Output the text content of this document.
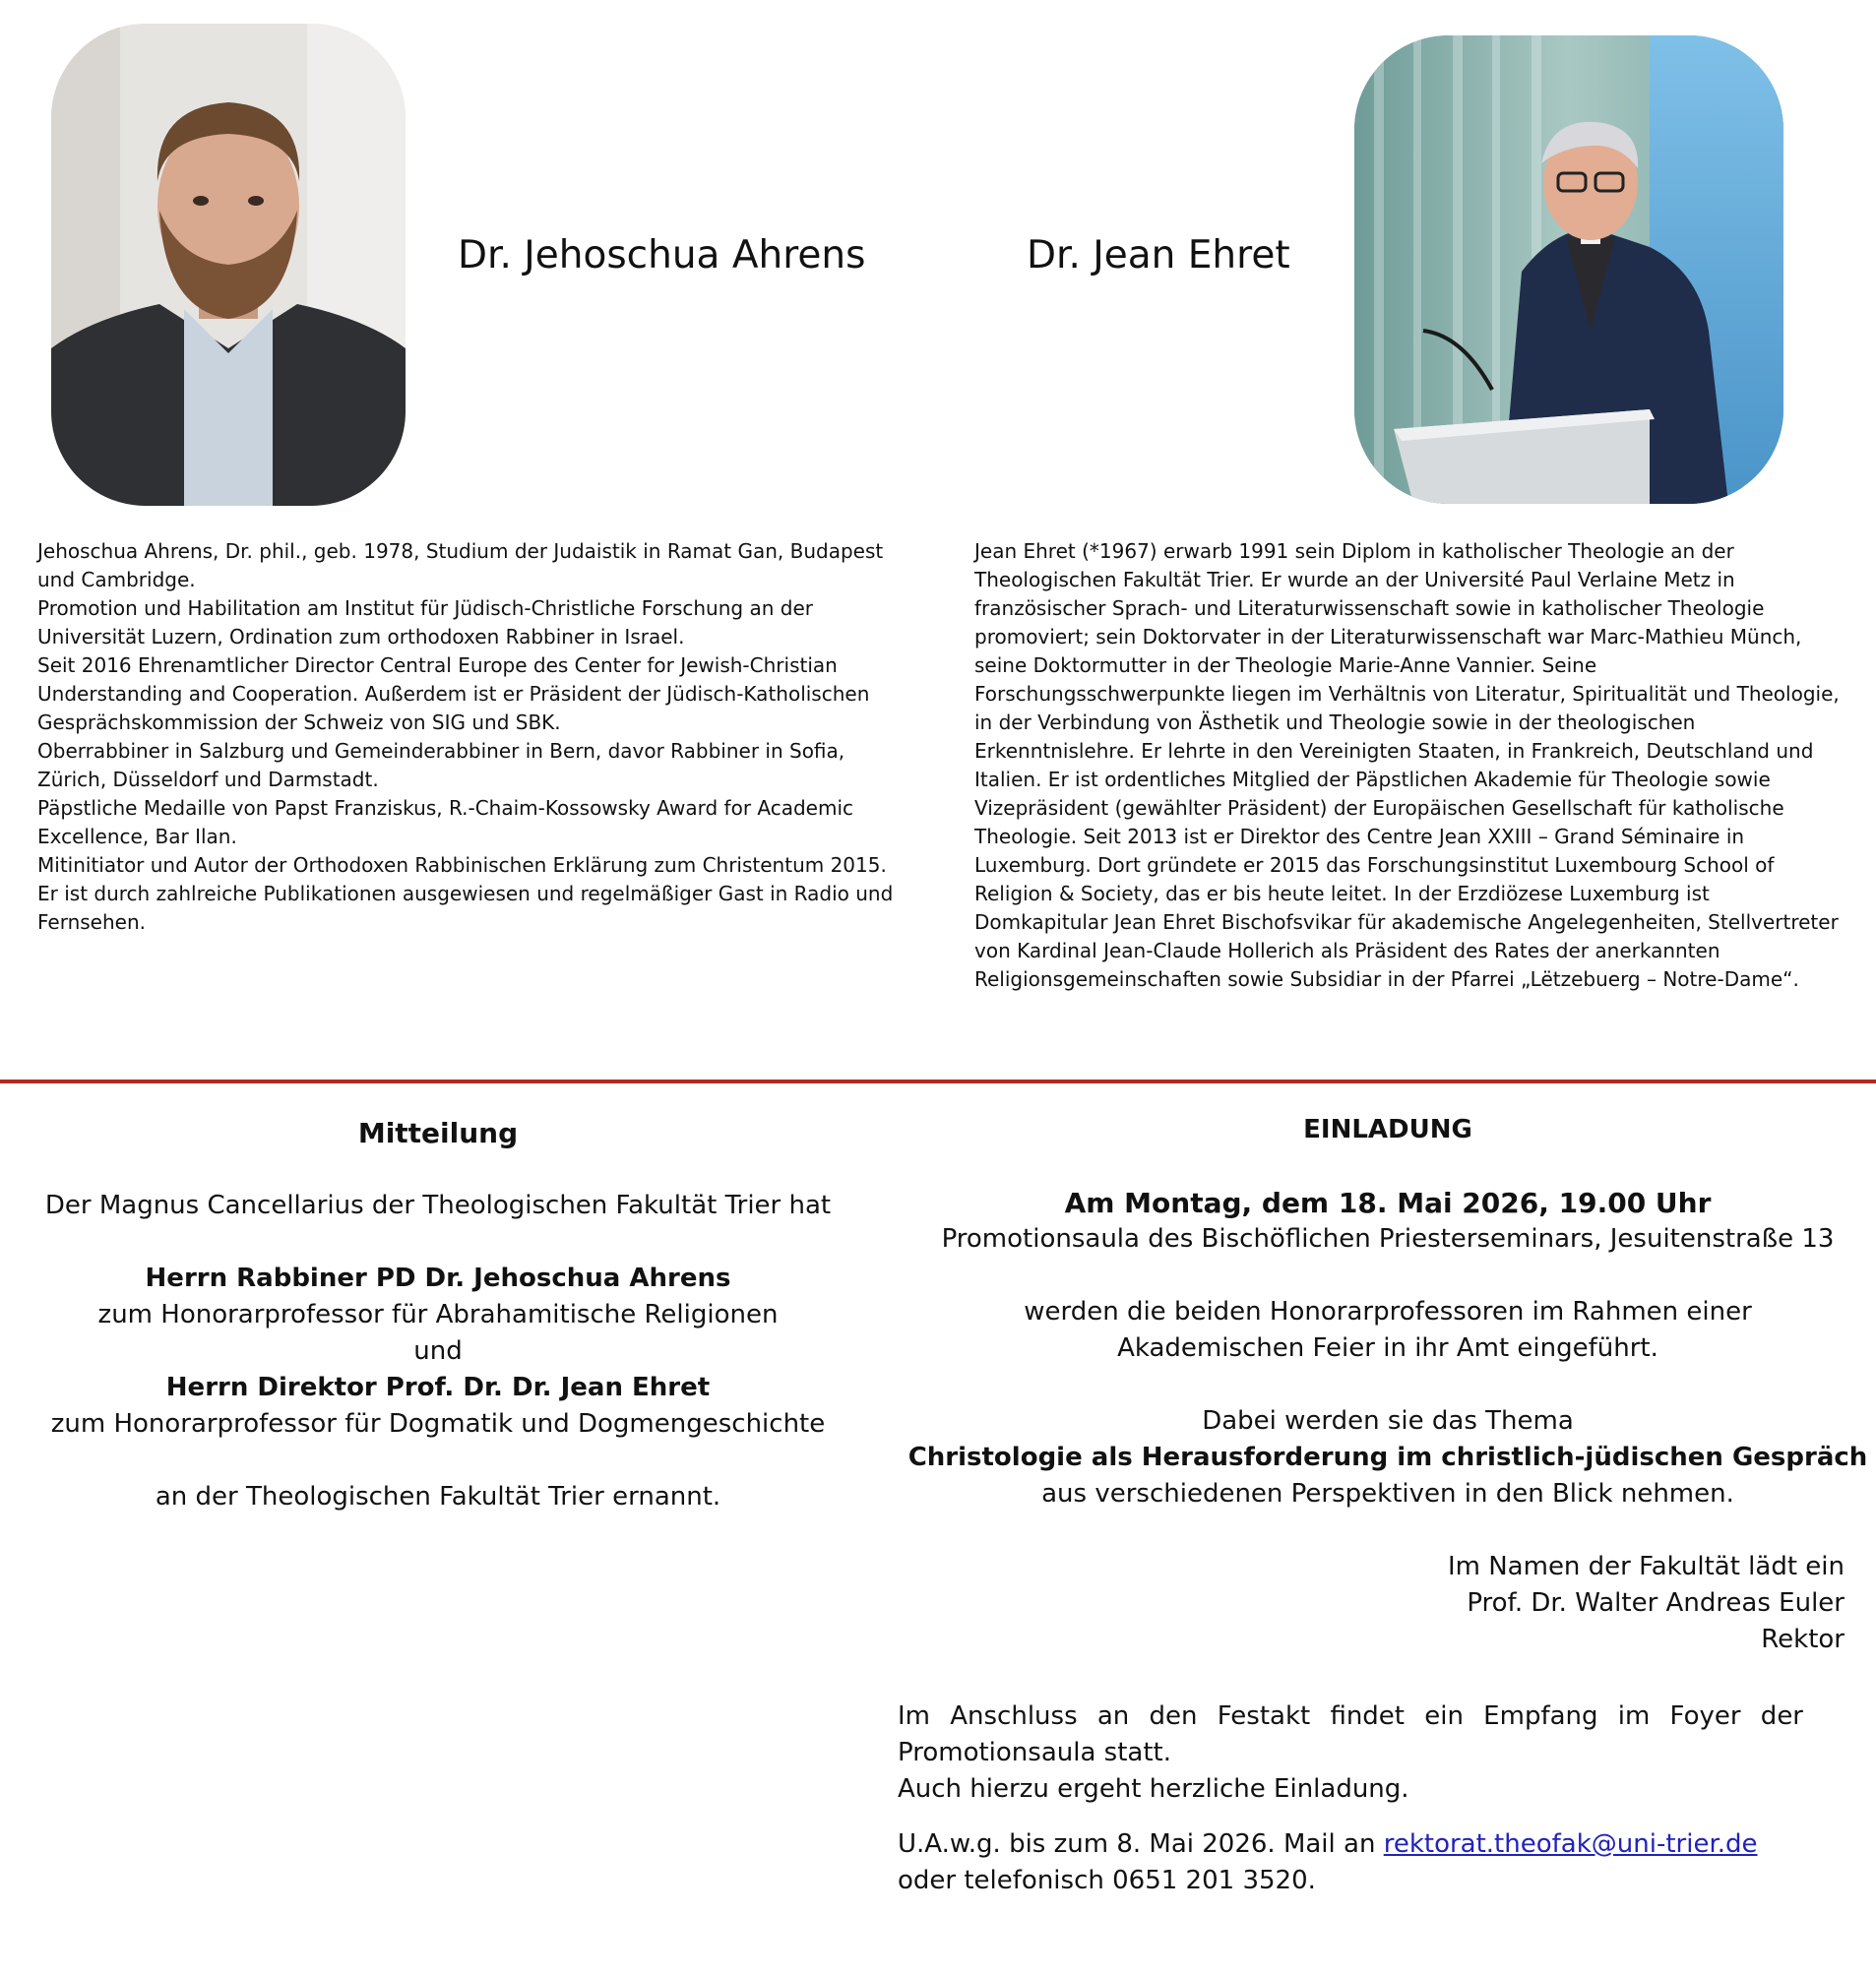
Dr. Jehoschua Ahrens	Dr. Jean Ehret

Jehoschua Ahrens, Dr. phil., geb. 1978, Studium der Judaistik in Ramat Gan, Budapest und Cambridge.

Promotion und Habilitation am Institut für Jüdisch-Christliche Forschung an der Universität Luzern, Ordination zum orthodoxen Rabbiner in Israel.

Seit 2016 Ehrenamtlicher Director Central Europe des Center for Jewish-Christian Understanding and Cooperation. Außerdem ist er Präsident der Jüdisch-Katholischen Gesprächskommission der Schweiz von SIG und SBK.

Oberrabbiner in Salzburg und Gemeinderabbiner in Bern, davor Rabbiner in Sofia, Zürich, Düsseldorf und Darmstadt.

Päpstliche Medaille von Papst Franziskus, R.-Chaim-Kossowsky Award for Academic Excellence, Bar Ilan.

Mitinitiator und Autor der Orthodoxen Rabbinischen Erklärung zum Christentum 2015.

Er ist durch zahlreiche Publikationen ausgewiesen und regelmäßiger Gast in Radio und Fernsehen.

Jean Ehret (*1967) erwarb 1991 sein Diplom in katholischer Theologie an der Theologischen Fakultät Trier. Er wurde an der Université Paul Verlaine Metz in französischer Sprach- und Literaturwissenschaft sowie in katholischer Theologie promoviert; sein Doktorvater in der Literaturwissenschaft war Marc-Mathieu Münch, seine Doktormutter in der Theologie Marie-Anne Vannier. Seine Forschungsschwerpunkte liegen im Verhältnis von Literatur, Spiritualität und Theologie, in der Verbindung von Ästhetik und Theologie sowie in der theologischen Erkenntnislehre. Er lehrte in den Vereinigten Staaten, in Frankreich, Deutschland und Italien. Er ist ordentliches Mitglied der Päpstlichen Akademie für Theologie sowie Vizepräsident (gewählter Präsident) der Europäischen Gesellschaft für katholische Theologie. Seit 2013 ist er Direktor des Centre Jean XXIII – Grand Séminaire in Luxemburg. Dort gründete er 2015 das Forschungsinstitut Luxembourg School of Religion & Society, das er bis heute leitet. In der Erzdiözese Luxemburg ist Domkapitular Jean Ehret Bischofsvikar für akademische Angelegenheiten, Stellvertreter von Kardinal Jean-Claude Hollerich als Präsident des Rates der anerkannten Religionsgemeinschaften sowie Subsidiar in der Pfarrei „Lëtzebuerg – Notre-Dame“.

Mitteilung
Der Magnus Cancellarius der Theologischen Fakultät Trier hat
Herrn Rabbiner PD Dr. Jehoschua Ahrens
zum Honorarprofessor für Abrahamitische Religionen
und
Herrn Direktor Prof. Dr. Dr. Jean Ehret
zum Honorarprofessor für Dogmatik und Dogmengeschichte
an der Theologischen Fakultät Trier ernannt.
EINLADUNG
Am Montag, dem 18. Mai 2026, 19.00 Uhr
Promotionsaula des Bischöflichen Priesterseminars, Jesuitenstraße 13
werden die beiden Honorarprofessoren im Rahmen einer
Akademischen Feier in ihr Amt eingeführt.
Dabei werden sie das Thema
Christologie als Herausforderung im christlich-jüdischen Gespräch
aus verschiedenen Perspektiven in den Blick nehmen.
Im Namen der Fakultät lädt ein
Prof. Dr. Walter Andreas Euler
Rektor
Im Anschluss an den Festakt findet ein Empfang im Foyer der
Promotionsaula statt.
Auch hierzu ergeht herzliche Einladung.
U.A.w.g. bis zum 8. Mai 2026. Mail an rektorat.theofak@uni-trier.de
oder telefonisch 0651 201 3520.
